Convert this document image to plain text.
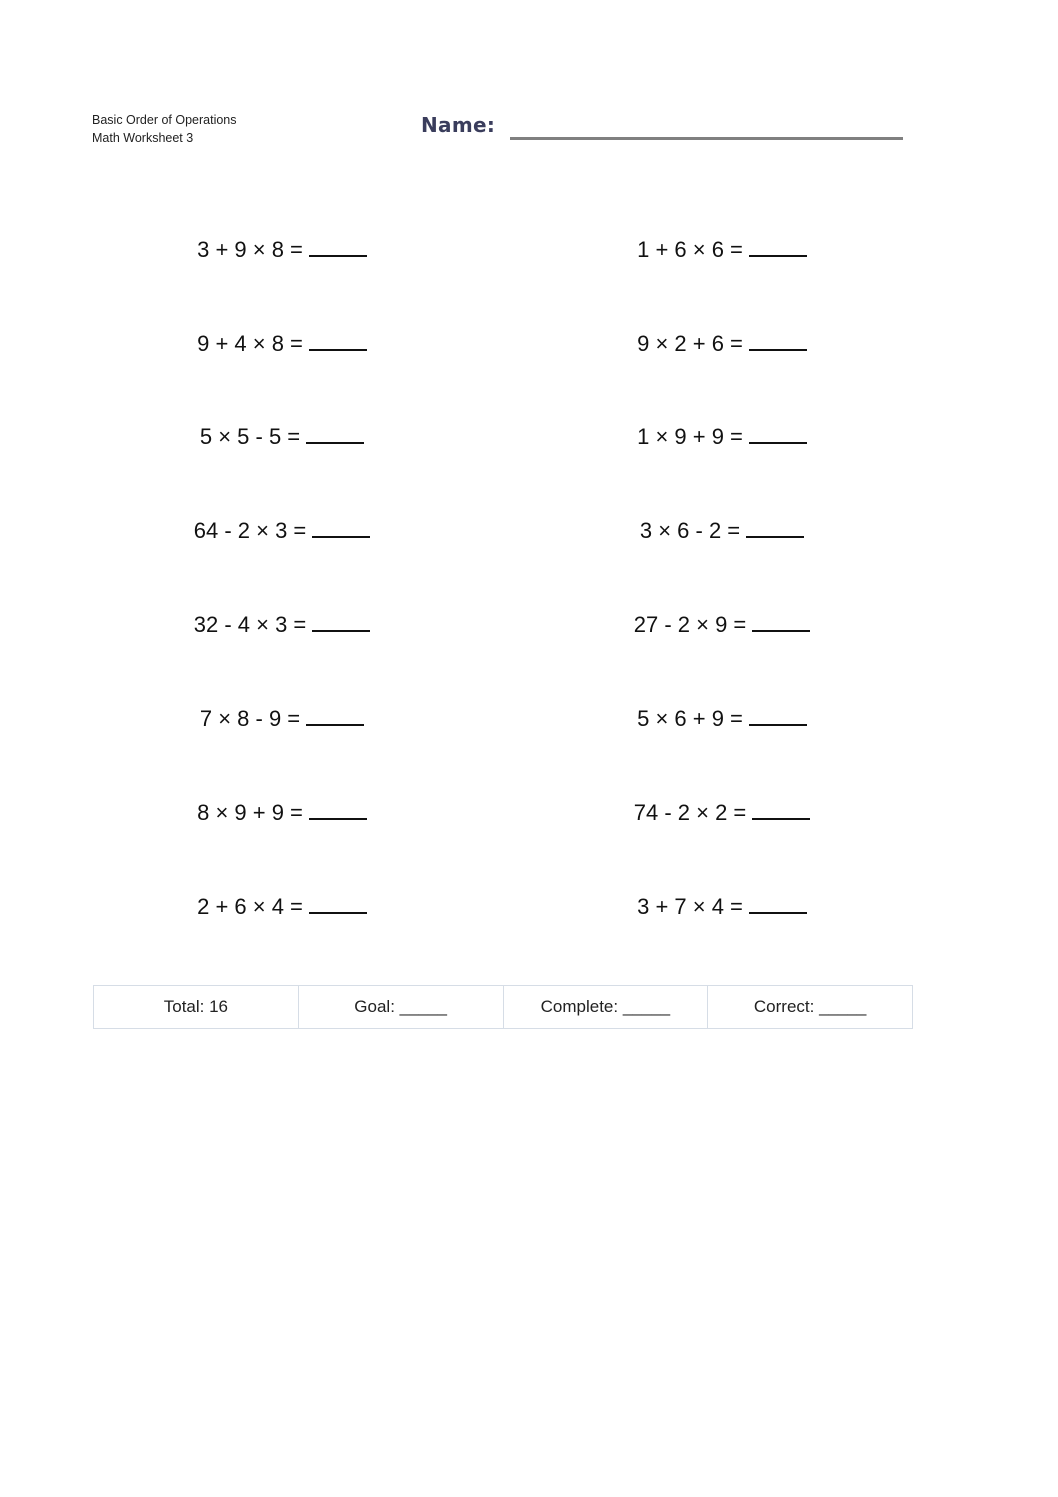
Basic Order of Operations
Math Worksheet 3
Name:
3 + 9 × 8 =
9 + 4 × 8 =
5 × 5 - 5 =
64 - 2 × 3 =
32 - 4 × 3 =
7 × 8 - 9 =
8 × 9 + 9 =
2 + 6 × 4 =
1 + 6 × 6 =
9 × 2 + 6 =
1 × 9 + 9 =
3 × 6 - 2 =
27 - 2 × 9 =
5 × 6 + 9 =
74 - 2 × 2 =
3 + 7 × 4 =
Total: 16	Goal: _____	Complete: _____	Correct: _____
